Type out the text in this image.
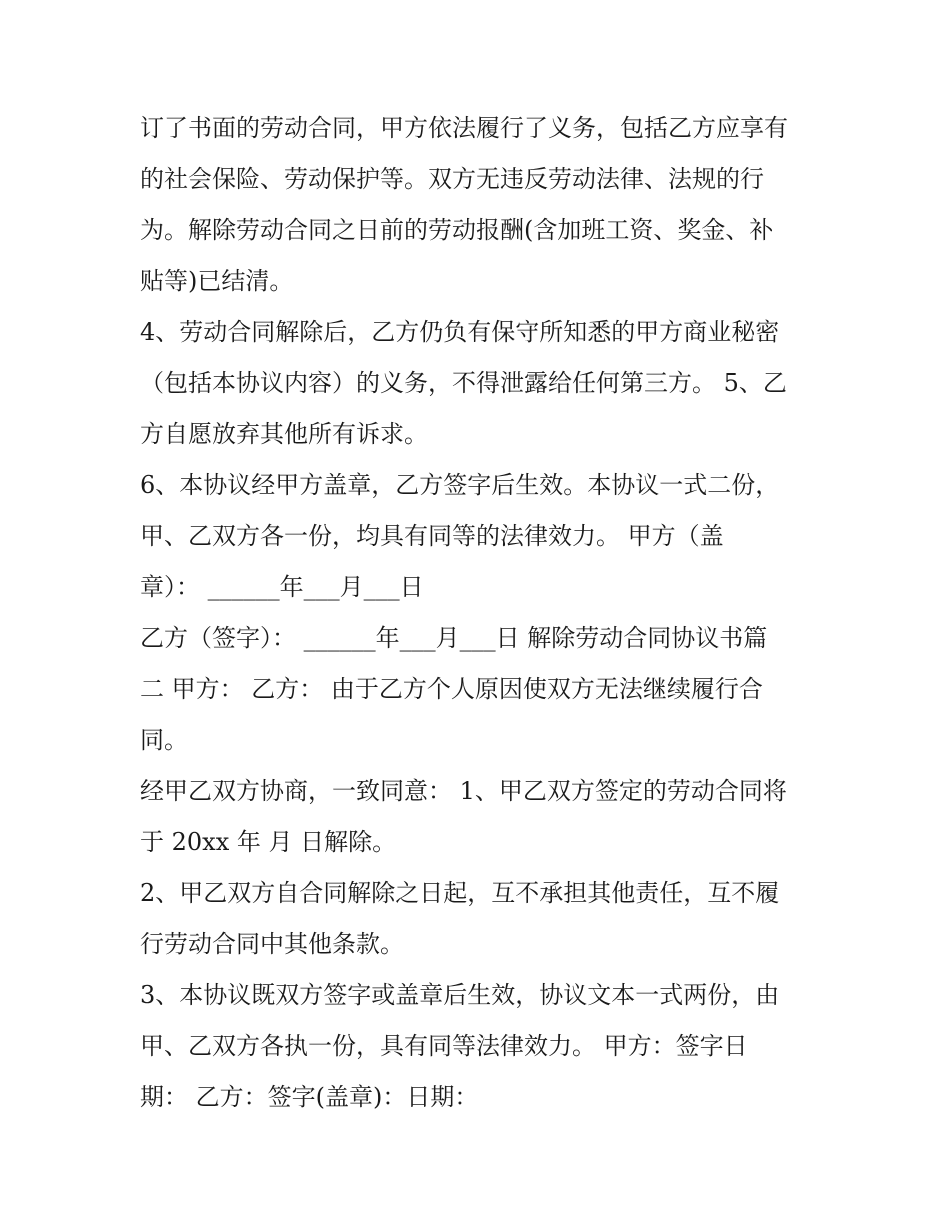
订了书面的劳动合同，甲方依法履行了义务，包括乙方应享有

的社会保险、劳动保护等。双方无违反劳动法律、法规的行

为。解除劳动合同之日前的劳动报酬(含加班工资、奖金、补

贴等)已结清。

4、劳动合同解除后，乙方仍负有保守所知悉的甲方商业秘密

（包括本协议内容）的义务，不得泄露给任何第三方。 5、乙

方自愿放弃其他所有诉求。

6、本协议经甲方盖章，乙方签字后生效。本协议一式二份，

甲、乙双方各一份，均具有同等的法律效力。 甲方（盖

章）： ______年___月___日

乙方（签字）： ______年___月___日 解除劳动合同协议书篇

二 甲方： 乙方： 由于乙方个人原因使双方无法继续履行合

同。

经甲乙双方协商，一致同意： 1、甲乙双方签定的劳动合同将

于 20xx 年 月 日解除。

2、甲乙双方自合同解除之日起，互不承担其他责任，互不履

行劳动合同中其他条款。

3、本协议既双方签字或盖章后生效，协议文本一式两份，由

甲、乙双方各执一份，具有同等法律效力。 甲方：签字日

期： 乙方：签字(盖章)：日期：
